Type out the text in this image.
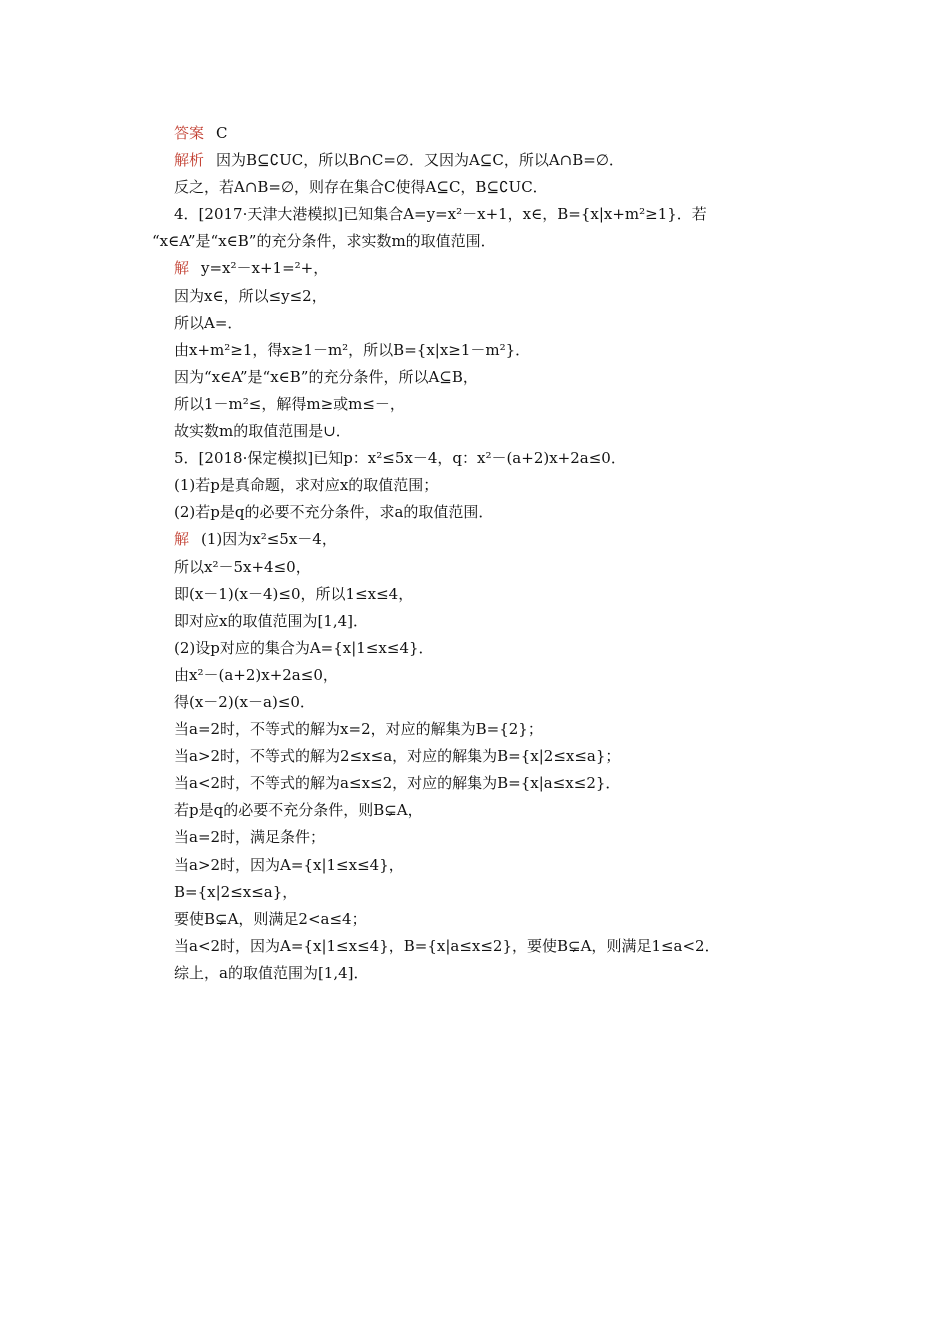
答案 C
解析 因为B⊆∁UC，所以B∩C=∅．又因为A⊆C，所以A∩B=∅．
反之，若A∩B=∅，则存在集合C使得A⊆C，B⊆∁UC．
4．[2017·天津大港模拟]已知集合A=y=x²－x+1，x∈，B={x|x+m²≥1}．若
“x∈A”是“x∈B”的充分条件，求实数m的取值范围．
解 y=x²－x+1=²+，
因为x∈，所以≤y≤2，
所以A=．
由x+m²≥1，得x≥1－m²，所以B={x|x≥1－m²}．
因为“x∈A”是“x∈B”的充分条件，所以A⊆B，
所以1－m²≤，解得m≥或m≤－，
故实数m的取值范围是∪．
5．[2018·保定模拟]已知p：x²≤5x－4，q：x²－(a+2)x+2a≤0．
(1)若p是真命题，求对应x的取值范围；
(2)若p是q的必要不充分条件，求a的取值范围．
解 (1)因为x²≤5x－4，
所以x²－5x+4≤0，
即(x－1)(x－4)≤0，所以1≤x≤4，
即对应x的取值范围为[1,4]．
(2)设p对应的集合为A={x|1≤x≤4}．
由x²－(a+2)x+2a≤0，
得(x－2)(x－a)≤0．
当a=2时，不等式的解为x=2，对应的解集为B={2}；
当a>2时，不等式的解为2≤x≤a，对应的解集为B={x|2≤x≤a}；
当a<2时，不等式的解为a≤x≤2，对应的解集为B={x|a≤x≤2}．
若p是q的必要不充分条件，则B⊊A，
当a=2时，满足条件；
当a>2时，因为A={x|1≤x≤4}，
B={x|2≤x≤a}，
要使B⊊A，则满足2<a≤4；
当a<2时，因为A={x|1≤x≤4}，B={x|a≤x≤2}，要使B⊊A，则满足1≤a<2．
综上，a的取值范围为[1,4]．
